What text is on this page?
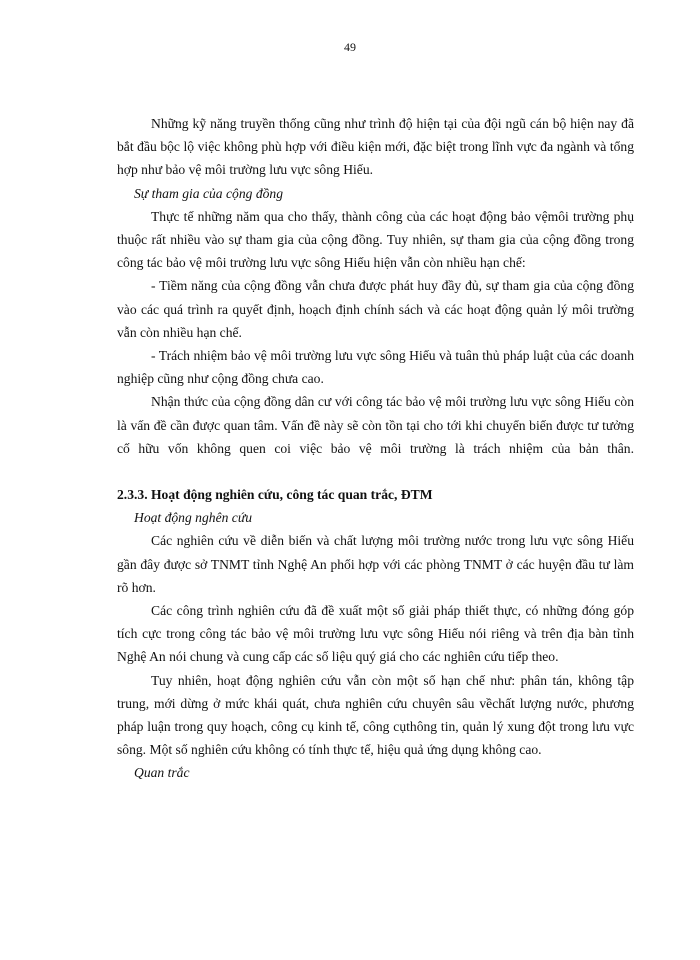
49

Những kỹ năng truyền thống cũng như trình độ hiện tại của đội ngũ cán bộ hiện nay đã bắt đầu bộc lộ việc không phù hợp với điều kiện mới, đặc biệt trong lĩnh vực đa ngành và tổng hợp như bảo vệ môi trường lưu vực sông Hiếu.

Sự tham gia của cộng đồng

Thực tế những năm qua cho thấy, thành công của các hoạt động bảo vệmôi trường phụ thuộc rất nhiều vào sự tham gia của cộng đồng. Tuy nhiên, sự tham gia của cộng đồng trong công tác bảo vệ môi trường lưu vực sông Hiếu hiện vẫn còn nhiều hạn chế:

- Tiềm năng của cộng đồng vẫn chưa được phát huy đầy đủ, sự tham gia của cộng đồng vào các quá trình ra quyết định, hoạch định chính sách và các hoạt động quản lý môi trường vẫn còn nhiều hạn chế.

- Trách nhiệm bảo vệ môi trường lưu vực sông Hiếu và tuân thủ pháp luật của các doanh nghiệp cũng như cộng đồng chưa cao.

Nhận thức của cộng đồng dân cư với công tác bảo vệ môi trường lưu vực sông Hiếu còn là vấn đề cần được quan tâm. Vấn đề này sẽ còn tồn tại cho tới khi chuyển biến được tư tưởng cố hữu vốn không quen coi việc bảo vệ môi trường là trách nhiệm của bản thân.

2.3.3. Hoạt động nghiên cứu, công tác quan trắc, ĐTM

Hoạt động nghên cứu

Các nghiên cứu về diễn biến và chất lượng môi trường nước trong lưu vực sông Hiếu gần đây được sở TNMT tỉnh Nghệ An phối hợp với các phòng TNMT ở các huyện đầu tư làm rõ hơn.

Các công trình nghiên cứu đã đề xuất một số giải pháp thiết thực, có những đóng góp tích cực trong công tác bảo vệ môi trường lưu vực sông Hiếu nói riêng và trên địa bàn tỉnh Nghệ An nói chung và cung cấp các số liệu quý giá cho các nghiên cứu tiếp theo.

Tuy nhiên, hoạt động nghiên cứu vẫn còn một số hạn chế như: phân tán, không tập trung, mới dừng ở mức khái quát, chưa nghiên cứu chuyên sâu vềchất lượng nước, phương pháp luận trong quy hoạch, công cụ kinh tế, công cụthông tin, quản lý xung đột trong lưu vực sông. Một số nghiên cứu không có tính thực tế, hiệu quả ứng dụng không cao.

Quan trắc
